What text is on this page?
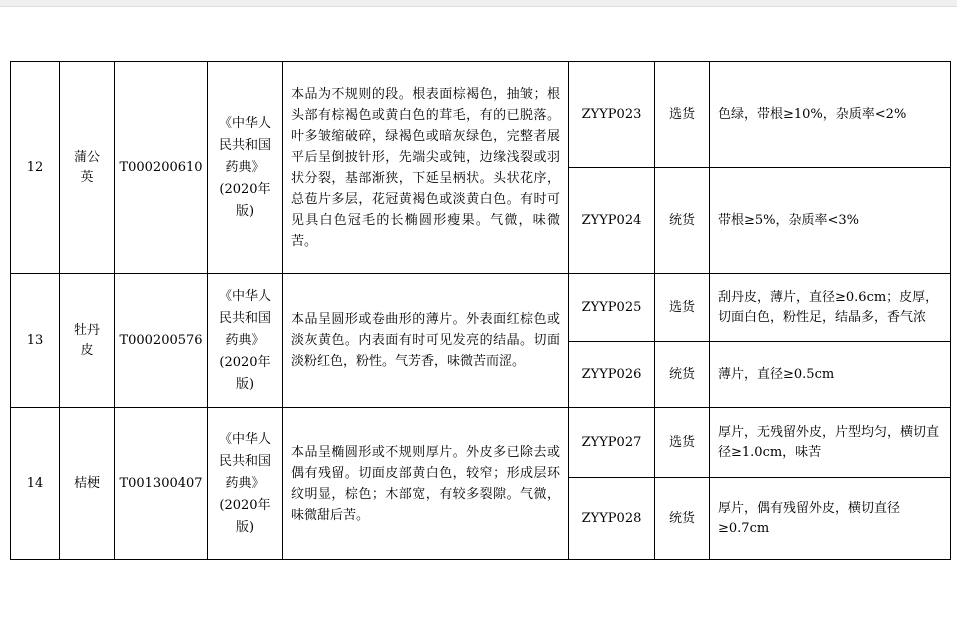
12	蒲公英	T000200610	《中华人民共和国药典》(2020年版)	本品为不规则的段。根表面棕褐色，抽皱；根头部有棕褐色或黄白色的茸毛，有的已脱落。叶多皱缩破碎，绿褐色或暗灰绿色，完整者展平后呈倒披针形，先端尖或钝，边缘浅裂或羽状分裂，基部渐狭，下延呈柄状。头状花序，总苞片多层，花冠黄褐色或淡黄白色。有时可见具白色冠毛的长椭圆形瘦果。气微，味微苦。	ZYYP023	选货	色绿，带根≥10%，杂质率<2%

					ZYYP024	统货	带根≥5%，杂质率<3%

13	牡丹皮	T000200576	《中华人民共和国药典》(2020年版)	本品呈圆形或卷曲形的薄片。外表面红棕色或淡灰黄色。内表面有时可见发亮的结晶。切面淡粉红色，粉性。气芳香，味微苦而涩。	ZYYP025	选货	刮丹皮，薄片，直径≥0.6cm；皮厚，切面白色，粉性足，结晶多，香气浓

					ZYYP026	统货	薄片，直径≥0.5cm

14	桔梗	T001300407	《中华人民共和国药典》(2020年版)	本品呈椭圆形或不规则厚片。外皮多已除去或偶有残留。切面皮部黄白色，较窄；形成层环纹明显，棕色；木部宽，有较多裂隙。气微，味微甜后苦。	ZYYP027	选货	厚片，无残留外皮，片型均匀，横切直径≥1.0cm，味苦

					ZYYP028	统货	厚片，偶有残留外皮，横切直径≥0.7cm
